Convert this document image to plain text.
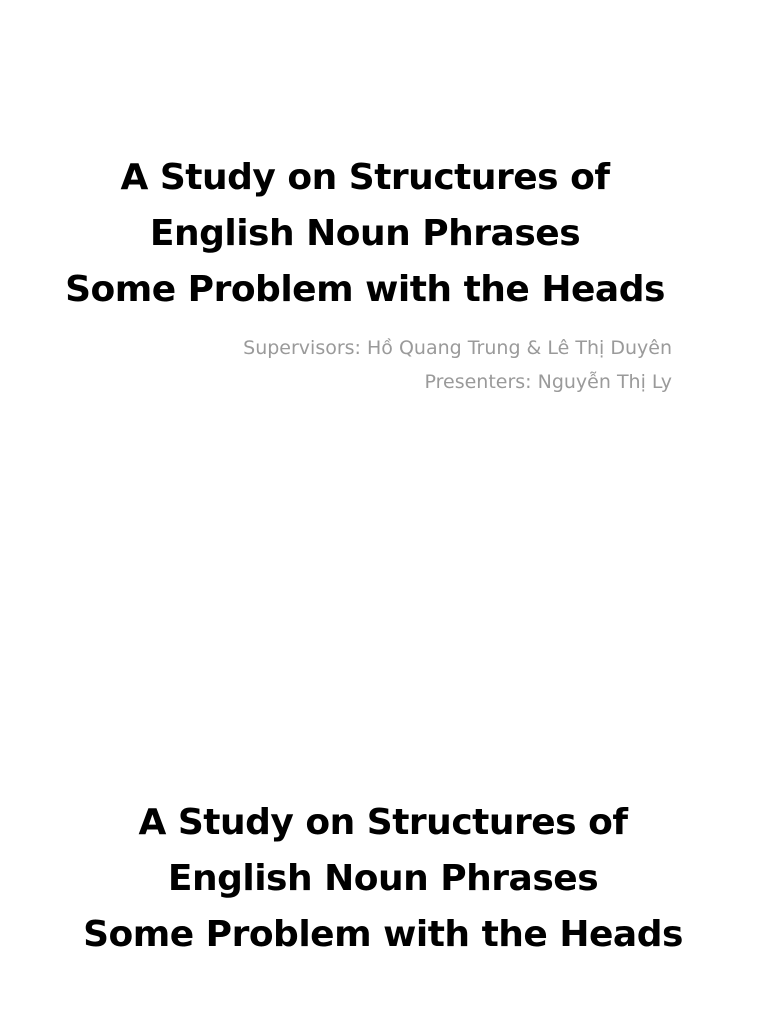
A Study on Structures of
English Noun Phrases
Some Problem with the Heads
Supervisors: Hồ Quang Trung & Lê Thị Duyên
Presenters: Nguyễn Thị Ly
A Study on Structures of
English Noun Phrases
Some Problem with the Heads
